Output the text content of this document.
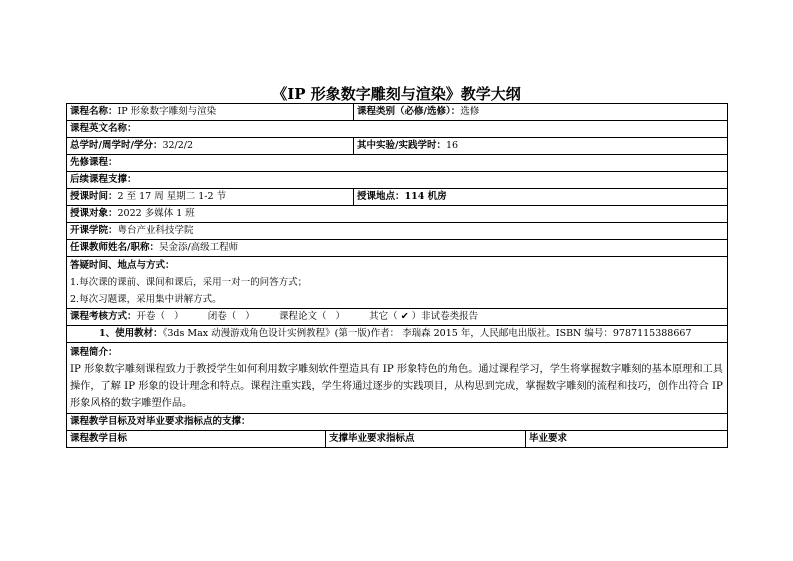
《IP 形象数字雕刻与渲染》教学大纲
课程名称：IP 形象数字雕刻与渲染		课程类别（必修/选修）：选修	
课程英文名称：			
总学时/周学时/学分：32/2/2		其中实验/实践学时：16	
先修课程：			
后续课程支撑：			
授课时间：2 至 17 周 星期二 1-2 节		授课地点：114 机房	
授课对象：2022 多媒体 1 班			
开课学院：粤台产业科技学院			
任课教师姓名/职称：吴金添/高级工程师			

答疑时间、地点与方式：
1.每次课的课前、课间和课后，采用一对一的问答方式；
2.每次习题课，采用集中讲解方式。			

课程考核方式：开卷（   ）        闭卷（   ）        课程论文（   ）        其它（ ✔ ）非试卷类报告			
1、使用教材：《3ds Max 动漫游戏角色设计实例教程》(第一版)作者： 李瑞森 2015 年，人民邮电出版社。ISBN 编号：9787115388667			

课程简介：
IP 形象数字雕刻课程致力于教授学生如何利用数字雕刻软件塑造具有 IP 形象特色的角色。通过课程学习，学生将掌握数字雕刻的基本原理和工具操作，了解 IP 形象的设计理念和特点。课程注重实践，学生将通过逐步的实践项目，从构思到完成，掌握数字雕刻的流程和技巧，创作出符合 IP 形象风格的数字雕塑作品。			

课程教学目标及对毕业要求指标点的支撑：			
课程教学目标	支撑毕业要求指标点		毕业要求
